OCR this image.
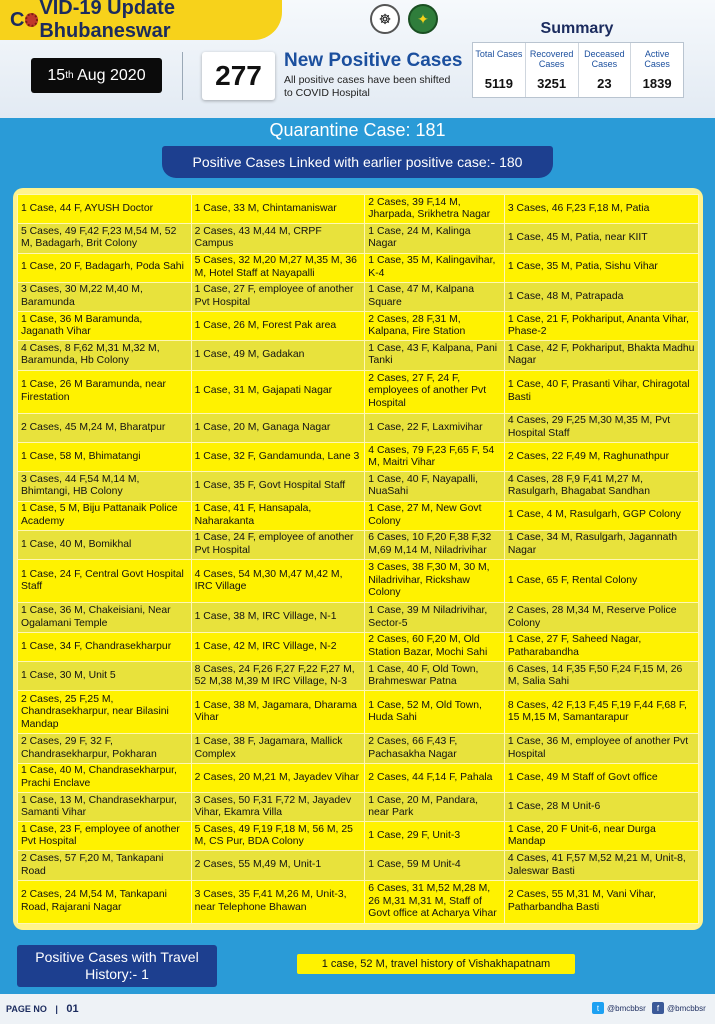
C
VID-19 Update Bhubaneswar
☸	✦
15 th Aug 2020	277	New Positive Cases
All positive cases have been shifted to COVID Hospital
Summary
Total Cases
5119
Recovered Cases
3251
Deceased Cases
23
Active Cases
1839
Quarantine Case: 181
Positive Cases Linked with earlier positive case:- 180
1 Case, 44 F, AYUSH Doctor	1 Case, 33 M, Chintamaniswar	2 Cases, 39 F,14 M, Jharpada, Srikhetra Nagar	3 Cases, 46 F,23 F,18 M, Patia
5 Cases, 49 F,42 F,23 M,54 M, 52 M, Badagarh, Brit Colony	2 Cases, 43 M,44 M, CRPF Campus	1 Case, 24 M, Kalinga Nagar	1 Case, 45 M, Patia, near KIIT
1 Case, 20 F, Badagarh, Poda Sahi	5 Cases, 32 M,20 M,27 M,35 M, 36 M, Hotel Staff at Nayapalli	1 Case, 35 M, Kalingavihar, K-4	1 Case, 35 M, Patia, Sishu Vihar
3 Cases, 30 M,22 M,40 M, Baramunda	1 Case, 27 F, employee of another Pvt Hospital	1 Case, 47 M, Kalpana Square	1 Case, 48 M, Patrapada
1 Case, 36 M Baramunda, Jaganath Vihar	1 Case, 26 M, Forest Pak area	2 Cases, 28 F,31 M, Kalpana, Fire Station	1 Case, 21 F, Pokhariput, Ananta Vihar, Phase-2
4 Cases, 8 F,62 M,31 M,32 M, Baramunda, Hb Colony	1 Case, 49 M, Gadakan	1 Case, 43 F, Kalpana, Pani Tanki	1 Case, 42 F, Pokhariput, Bhakta Madhu Nagar
1 Case, 26 M Baramunda, near Firestation	1 Case, 31 M, Gajapati Nagar	2 Cases, 27 F, 24 F, employees of another Pvt Hospital	1 Case, 40 F, Prasanti Vihar, Chiragotal Basti
2 Cases, 45 M,24 M, Bharatpur	1 Case, 20 M, Ganaga Nagar	1 Case, 22 F, Laxmivihar	4 Cases, 29 F,25 M,30 M,35 M, Pvt Hospital Staff
1 Case, 58 M, Bhimatangi	1 Case, 32 F, Gandamunda, Lane 3	4 Cases, 79 F,23 F,65 F, 54 M, Maitri Vihar	2 Cases, 22 F,49 M, Raghunathpur
3 Cases, 44 F,54 M,14 M, Bhimtangi, HB Colony	1 Case, 35 F, Govt Hospital Staff	1 Case, 40 F, Nayapalli, NuaSahi	4 Cases, 28 F,9 F,41 M,27 M, Rasulgarh, Bhagabat Sandhan
1 Case, 5 M, Biju Pattanaik Police Academy	1 Case, 41 F, Hansapala, Naharakanta	1 Case, 27 M, New Govt Colony	1 Case, 4 M, Rasulgarh, GGP Colony
1 Case, 40 M, Bomikhal	1 Case, 24 F, employee of another Pvt Hospital	6 Cases, 10 F,20 F,38 F,32 M,69 M,14 M, Niladrivihar	1 Case, 34 M, Rasulgarh, Jagannath Nagar
1 Case, 24 F, Central Govt Hospital Staff	4 Cases, 54 M,30 M,47 M,42 M, IRC Village	3 Cases, 38 F,30 M, 30 M, Niladrivihar, Rickshaw Colony	1 Case, 65 F, Rental Colony
1 Case, 36 M, Chakeisiani, Near Ogalamani Temple	1 Case, 38 M, IRC Village, N-1	1 Case, 39 M Niladrivihar, Sector-5	2 Cases, 28 M,34 M, Reserve Police Colony
1 Case, 34 F, Chandrasekharpur	1 Case, 42 M, IRC Village, N-2	2 Cases, 60 F,20 M, Old Station Bazar, Mochi Sahi	1 Case, 27 F, Saheed Nagar, Patharabandha
1 Case, 30 M, Unit 5	8 Cases, 24 F,26 F,27 F,22 F,27 M, 52 M,38 M,39 M IRC Village, N-3	1 Case, 40 F, Old Town, Brahmeswar Patna	6 Cases, 14 F,35 F,50 F,24 F,15 M, 26 M, Salia Sahi
2 Cases, 25 F,25 M, Chandrasekharpur, near Bilasini Mandap	1 Case, 38 M, Jagamara, Dharama Vihar	1 Case, 52 M, Old Town, Huda Sahi	8 Cases, 42 F,13 F,45 F,19 F,44 F,68 F, 15 M,15 M, Samantarapur
2 Cases, 29 F, 32 F, Chandrasekharpur, Pokharan	1 Case, 38 F, Jagamara, Mallick Complex	2 Cases, 66 F,43 F, Pachasakha Nagar	1 Case, 36 M, employee of another Pvt Hospital
1 Case, 40 M, Chandrasekharpur, Prachi Enclave	2 Cases, 20 M,21 M, Jayadev Vihar	2 Cases, 44 F,14 F, Pahala	1 Case, 49 M Staff of Govt office
1 Case, 13 M, Chandrasekharpur, Samanti Vihar	3 Cases, 50 F,31 F,72 M, Jayadev Vihar, Ekamra Villa	1 Case, 20 M, Pandara, near Park	1 Case, 28 M Unit-6
1 Case, 23 F, employee of another Pvt Hospital	5 Cases, 49 F,19 F,18 M, 56 M, 25 M, CS Pur, BDA Colony	1 Case, 29 F, Unit-3	1 Case, 20 F Unit-6, near Durga Mandap
2 Cases, 57 F,20 M, Tankapani Road	2 Cases, 55 M,49 M, Unit-1	1 Case, 59 M Unit-4	4 Cases, 41 F,57 M,52 M,21 M, Unit-8, Jaleswar Basti
2 Cases, 24 M,54 M, Tankapani Road, Rajarani Nagar	3 Cases, 35 F,41 M,26 M, Unit-3, near Telephone Bhawan	6 Cases, 31 M,52 M,28 M, 26 M,31 M,31 M, Staff of Govt office at Acharya Vihar	2 Cases, 55 M,31 M, Vani Vihar, Patharbandha Basti
Positive Cases with Travel History:- 1
1 case, 52 M, travel history of Vishakhapatnam
PAGE NO | 01	t @bmcbbsr	f @bmcbbsr
